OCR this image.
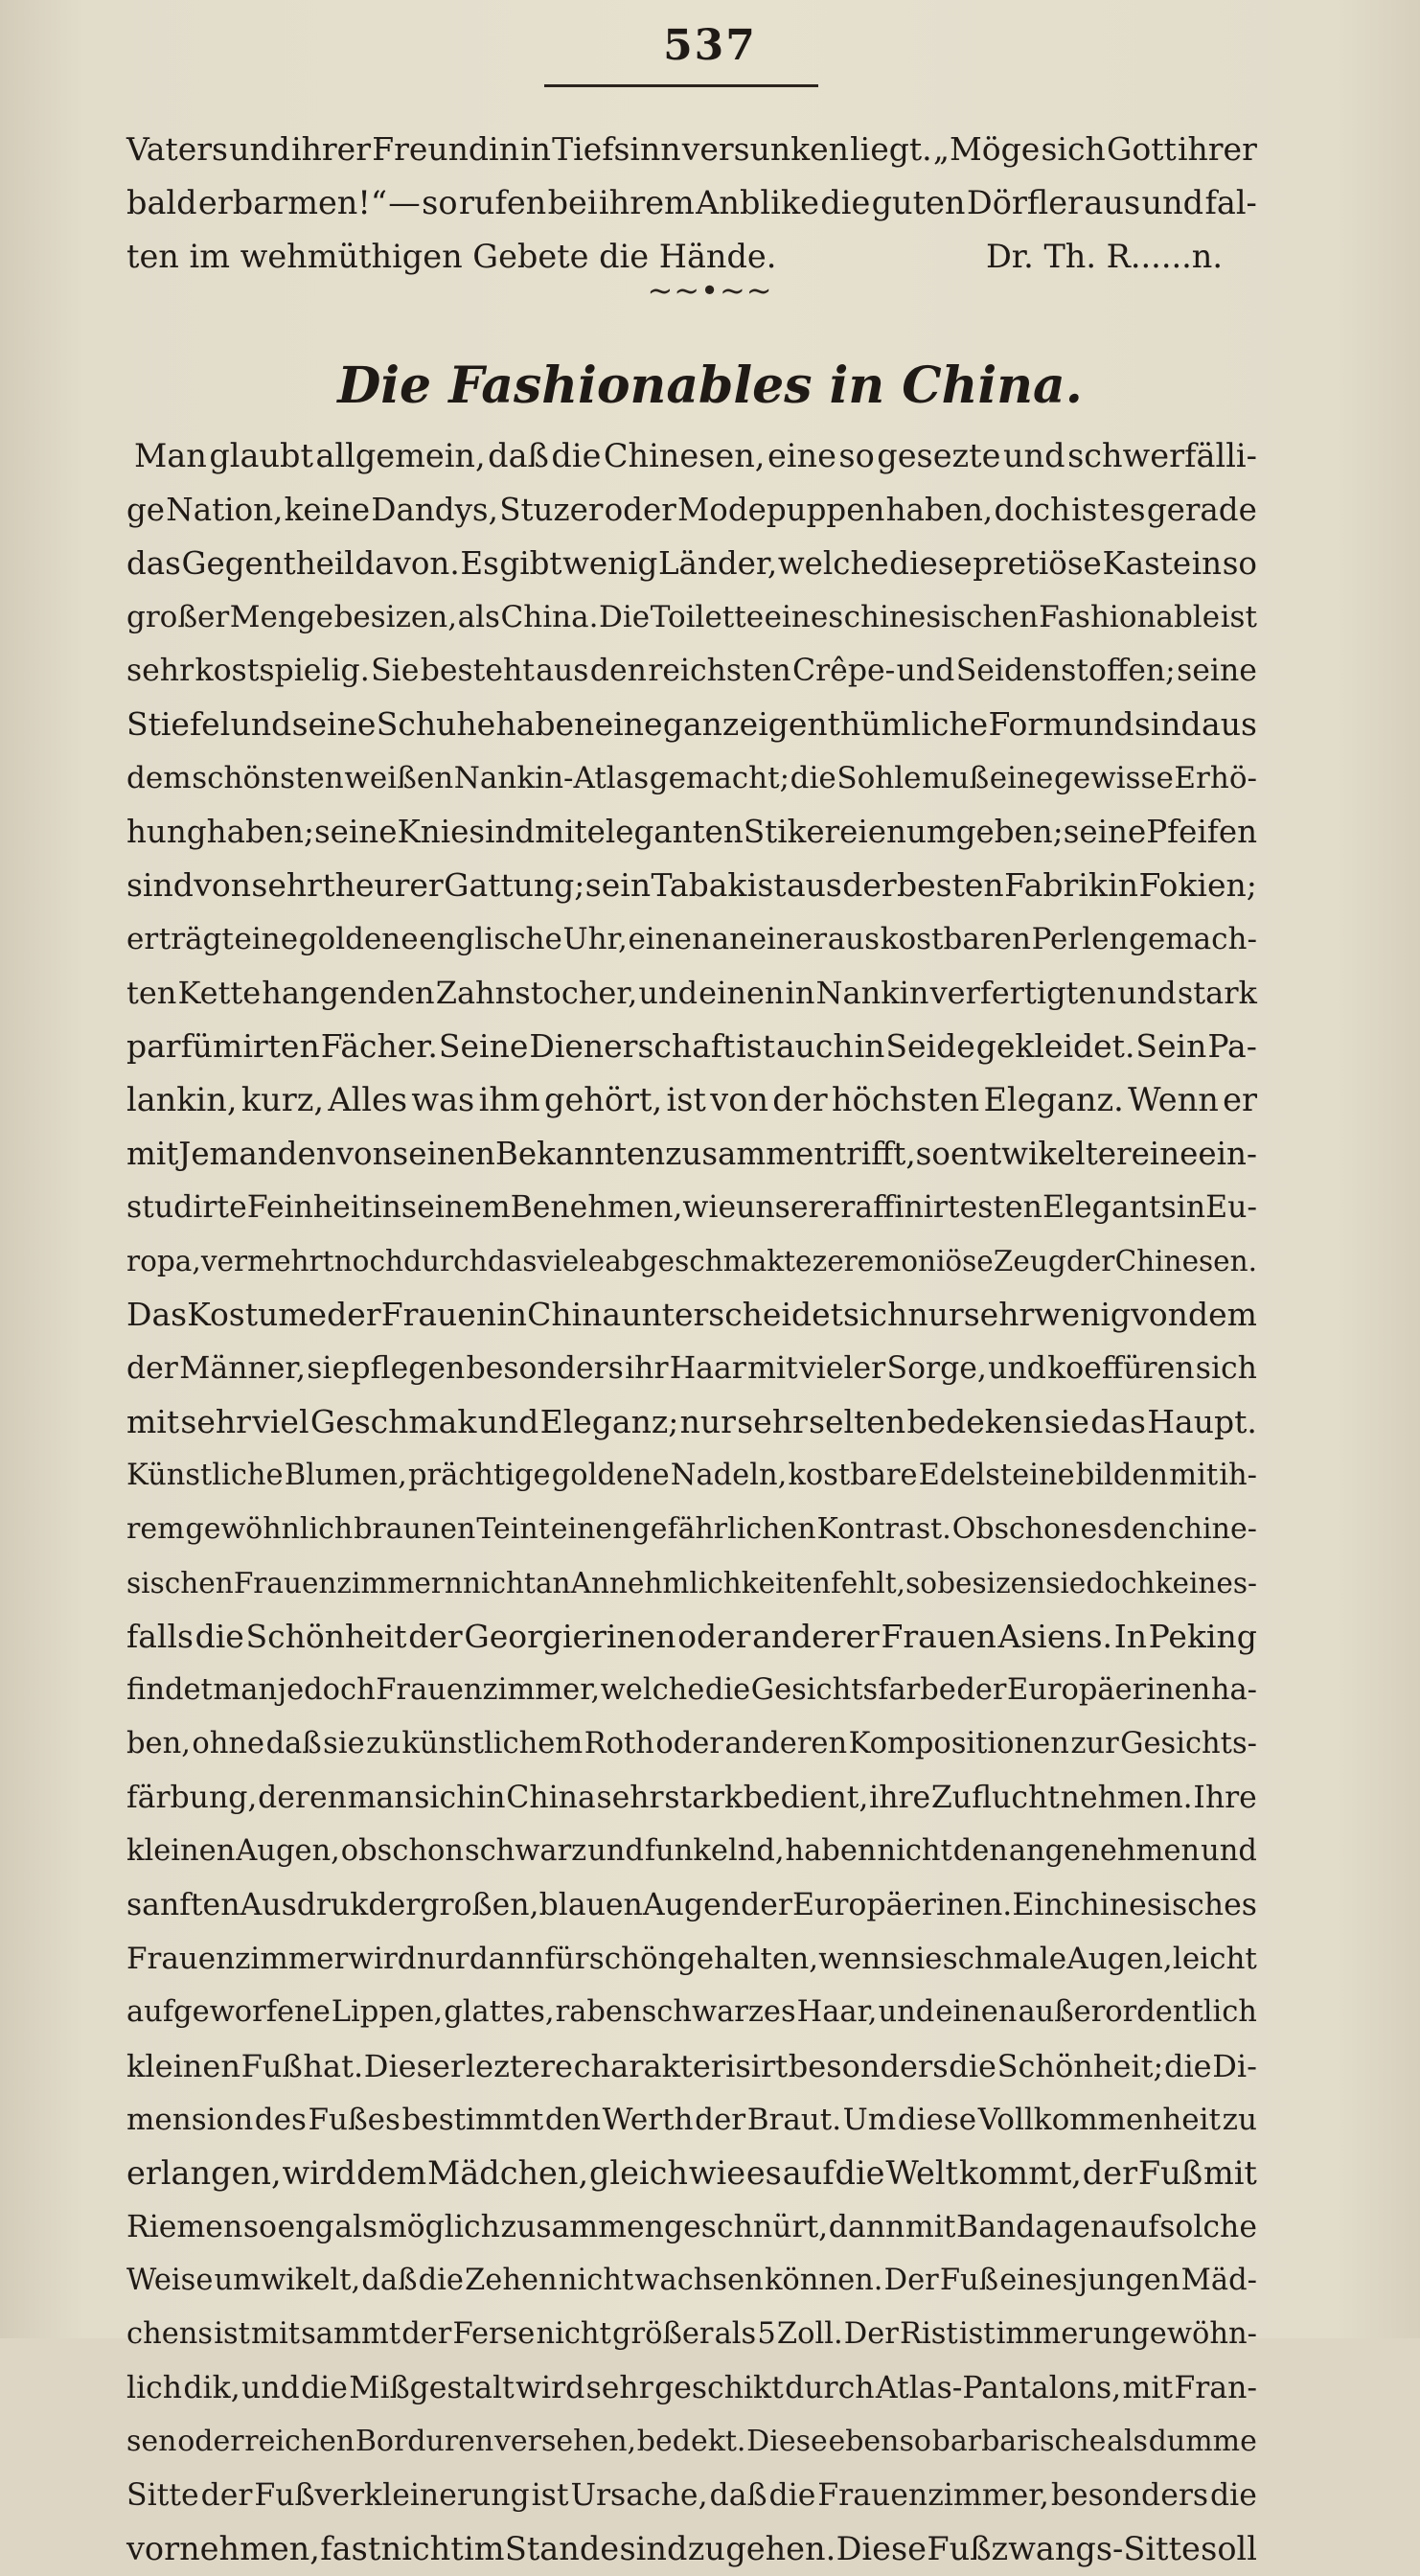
537
Vaters und ihrer Freundin in Tiefsinn versunken liegt. „Möge sich Gott ihrer
bald erbarmen!“ — so rufen bei ihrem Anblike die guten Dörfler aus und fal-
ten im wehmüthigen Gebete die Hände.	Dr. Th. R......n.
~~•~~
Die Fashionables in China.
Man glaubt allgemein, daß die Chinesen, eine so gesezte und schwerfälli-
ge Nation, keine Dandys, Stuzer oder Modepuppen haben, doch ist es gerade
das Gegentheil davon. Es gibt wenig Länder, welche diese pretiöse Kaste in so
großer Menge besizen, als China. Die Toilette eines chinesischen Fashionable ist
sehr kostspielig. Sie besteht aus den reichsten Crêpe- und Seidenstoffen; seine
Stiefel und seine Schuhe haben eine ganz eigenthümliche Form und sind aus
dem schönsten weißen Nankin-Atlas gemacht; die Sohle muß eine gewisse Erhö-
hung haben; seine Knie sind mit eleganten Stikereien umgeben; seine Pfeifen
sind von sehr theurer Gattung; sein Tabak ist aus der besten Fabrik in Fokien;
er trägt eine goldene englische Uhr, einen an einer aus kostbaren Perlen gemach-
ten Kette hangenden Zahnstocher, und einen in Nankin verfertigten und stark
parfümirten Fächer. Seine Dienerschaft ist auch in Seide gekleidet. Sein Pa-
lankin, kurz, Alles was ihm gehört, ist von der höchsten Eleganz. Wenn er
mit Jemanden von seinen Bekannten zusammentrifft, so entwikelt er eine ein-
studirte Feinheit in seinem Benehmen, wie unsere raffinirtesten Elegants in Eu-
ropa, vermehrt noch durch das viele abgeschmakte zeremoniöse Zeug der Chinesen.
Das Kostume der Frauen in China unterscheidet sich nur sehr wenig von dem
der Männer, sie pflegen besonders ihr Haar mit vieler Sorge, und koeffüren sich
mit sehr viel Geschmak und Eleganz; nur sehr selten bedeken sie das Haupt.
Künstliche Blumen, prächtige goldene Nadeln, kostbare Edelsteine bilden mit ih-
rem gewöhnlich braunen Teint einen gefährlichen Kontrast. Obschon es den chine-
sischen Frauenzimmern nicht an Annehmlichkeiten fehlt, so besizen sie doch keines-
falls die Schönheit der Georgierinen oder anderer Frauen Asiens. In Peking
findet man jedoch Frauenzimmer, welche die Gesichtsfarbe der Europäerinen ha-
ben, ohne daß sie zu künstlichem Roth oder anderen Kompositionen zur Gesichts-
färbung, deren man sich in China sehr stark bedient, ihre Zuflucht nehmen. Ihre
kleinen Augen, obschon schwarz und funkelnd, haben nicht den angenehmen und
sanften Ausdruk der großen, blauen Augen der Europäerinen. Ein chinesisches
Frauenzimmer wird nur dann für schön gehalten, wenn sie schmale Augen, leicht
aufgeworfene Lippen, glattes, rabenschwarzes Haar, und einen außerordentlich
kleinen Fuß hat. Dieser leztere charakterisirt besonders die Schönheit; die Di-
mension des Fußes bestimmt den Werth der Braut. Um diese Vollkommenheit zu
erlangen, wird dem Mädchen, gleich wie es auf die Welt kommt, der Fuß mit
Riemen so eng als möglich zusammengeschnürt, dann mit Bandagen auf solche
Weise umwikelt, daß die Zehen nicht wachsen können. Der Fuß eines jungen Mäd-
chens ist mit sammt der Ferse nicht größer als 5 Zoll. Der Rist ist immer ungewöhn-
lich dik, und die Mißgestalt wird sehr geschikt durch Atlas-Pantalons, mit Fran-
sen oder reichen Borduren versehen, bedekt. Diese ebenso barbarische als dumme
Sitte der Fußverkleinerung ist Ursache, daß die Frauenzimmer, besonders die
vornehmen, fast nicht im Stande sind zu gehen. Diese Fußzwangs-Sitte soll
